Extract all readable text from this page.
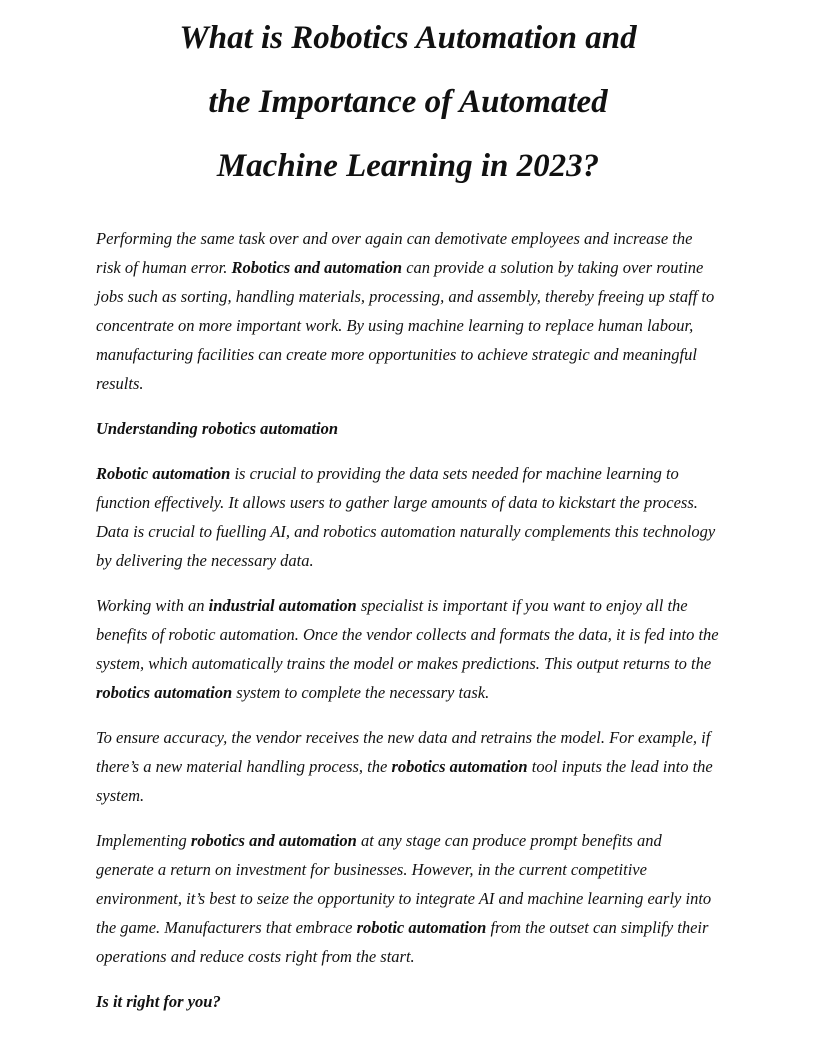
What is Robotics Automation and
the Importance of Automated
Machine Learning in 2023?

Performing the same task over and over again can demotivate employees and increase the risk of human error. Robotics and automation can provide a solution by taking over routine jobs such as sorting, handling materials, processing, and assembly, thereby freeing up staff to concentrate on more important work. By using machine learning to replace human labour, manufacturing facilities can create more opportunities to achieve strategic and meaningful results.

Understanding robotics automation

Robotic automation is crucial to providing the data sets needed for machine learning to function effectively. It allows users to gather large amounts of data to kickstart the process. Data is crucial to fuelling AI, and robotics automation naturally complements this technology by delivering the necessary data.

Working with an industrial automation specialist is important if you want to enjoy all the benefits of robotic automation. Once the vendor collects and formats the data, it is fed into the system, which automatically trains the model or makes predictions. This output returns to the robotics automation system to complete the necessary task.

To ensure accuracy, the vendor receives the new data and retrains the model. For example, if there’s a new material handling process, the robotics automation tool inputs the lead into the system.

Implementing robotics and automation at any stage can produce prompt benefits and generate a return on investment for businesses. However, in the current competitive environment, it’s best to seize the opportunity to integrate AI and machine learning early into the game. Manufacturers that embrace robotic automation from the outset can simplify their operations and reduce costs right from the start.

Is it right for you?
